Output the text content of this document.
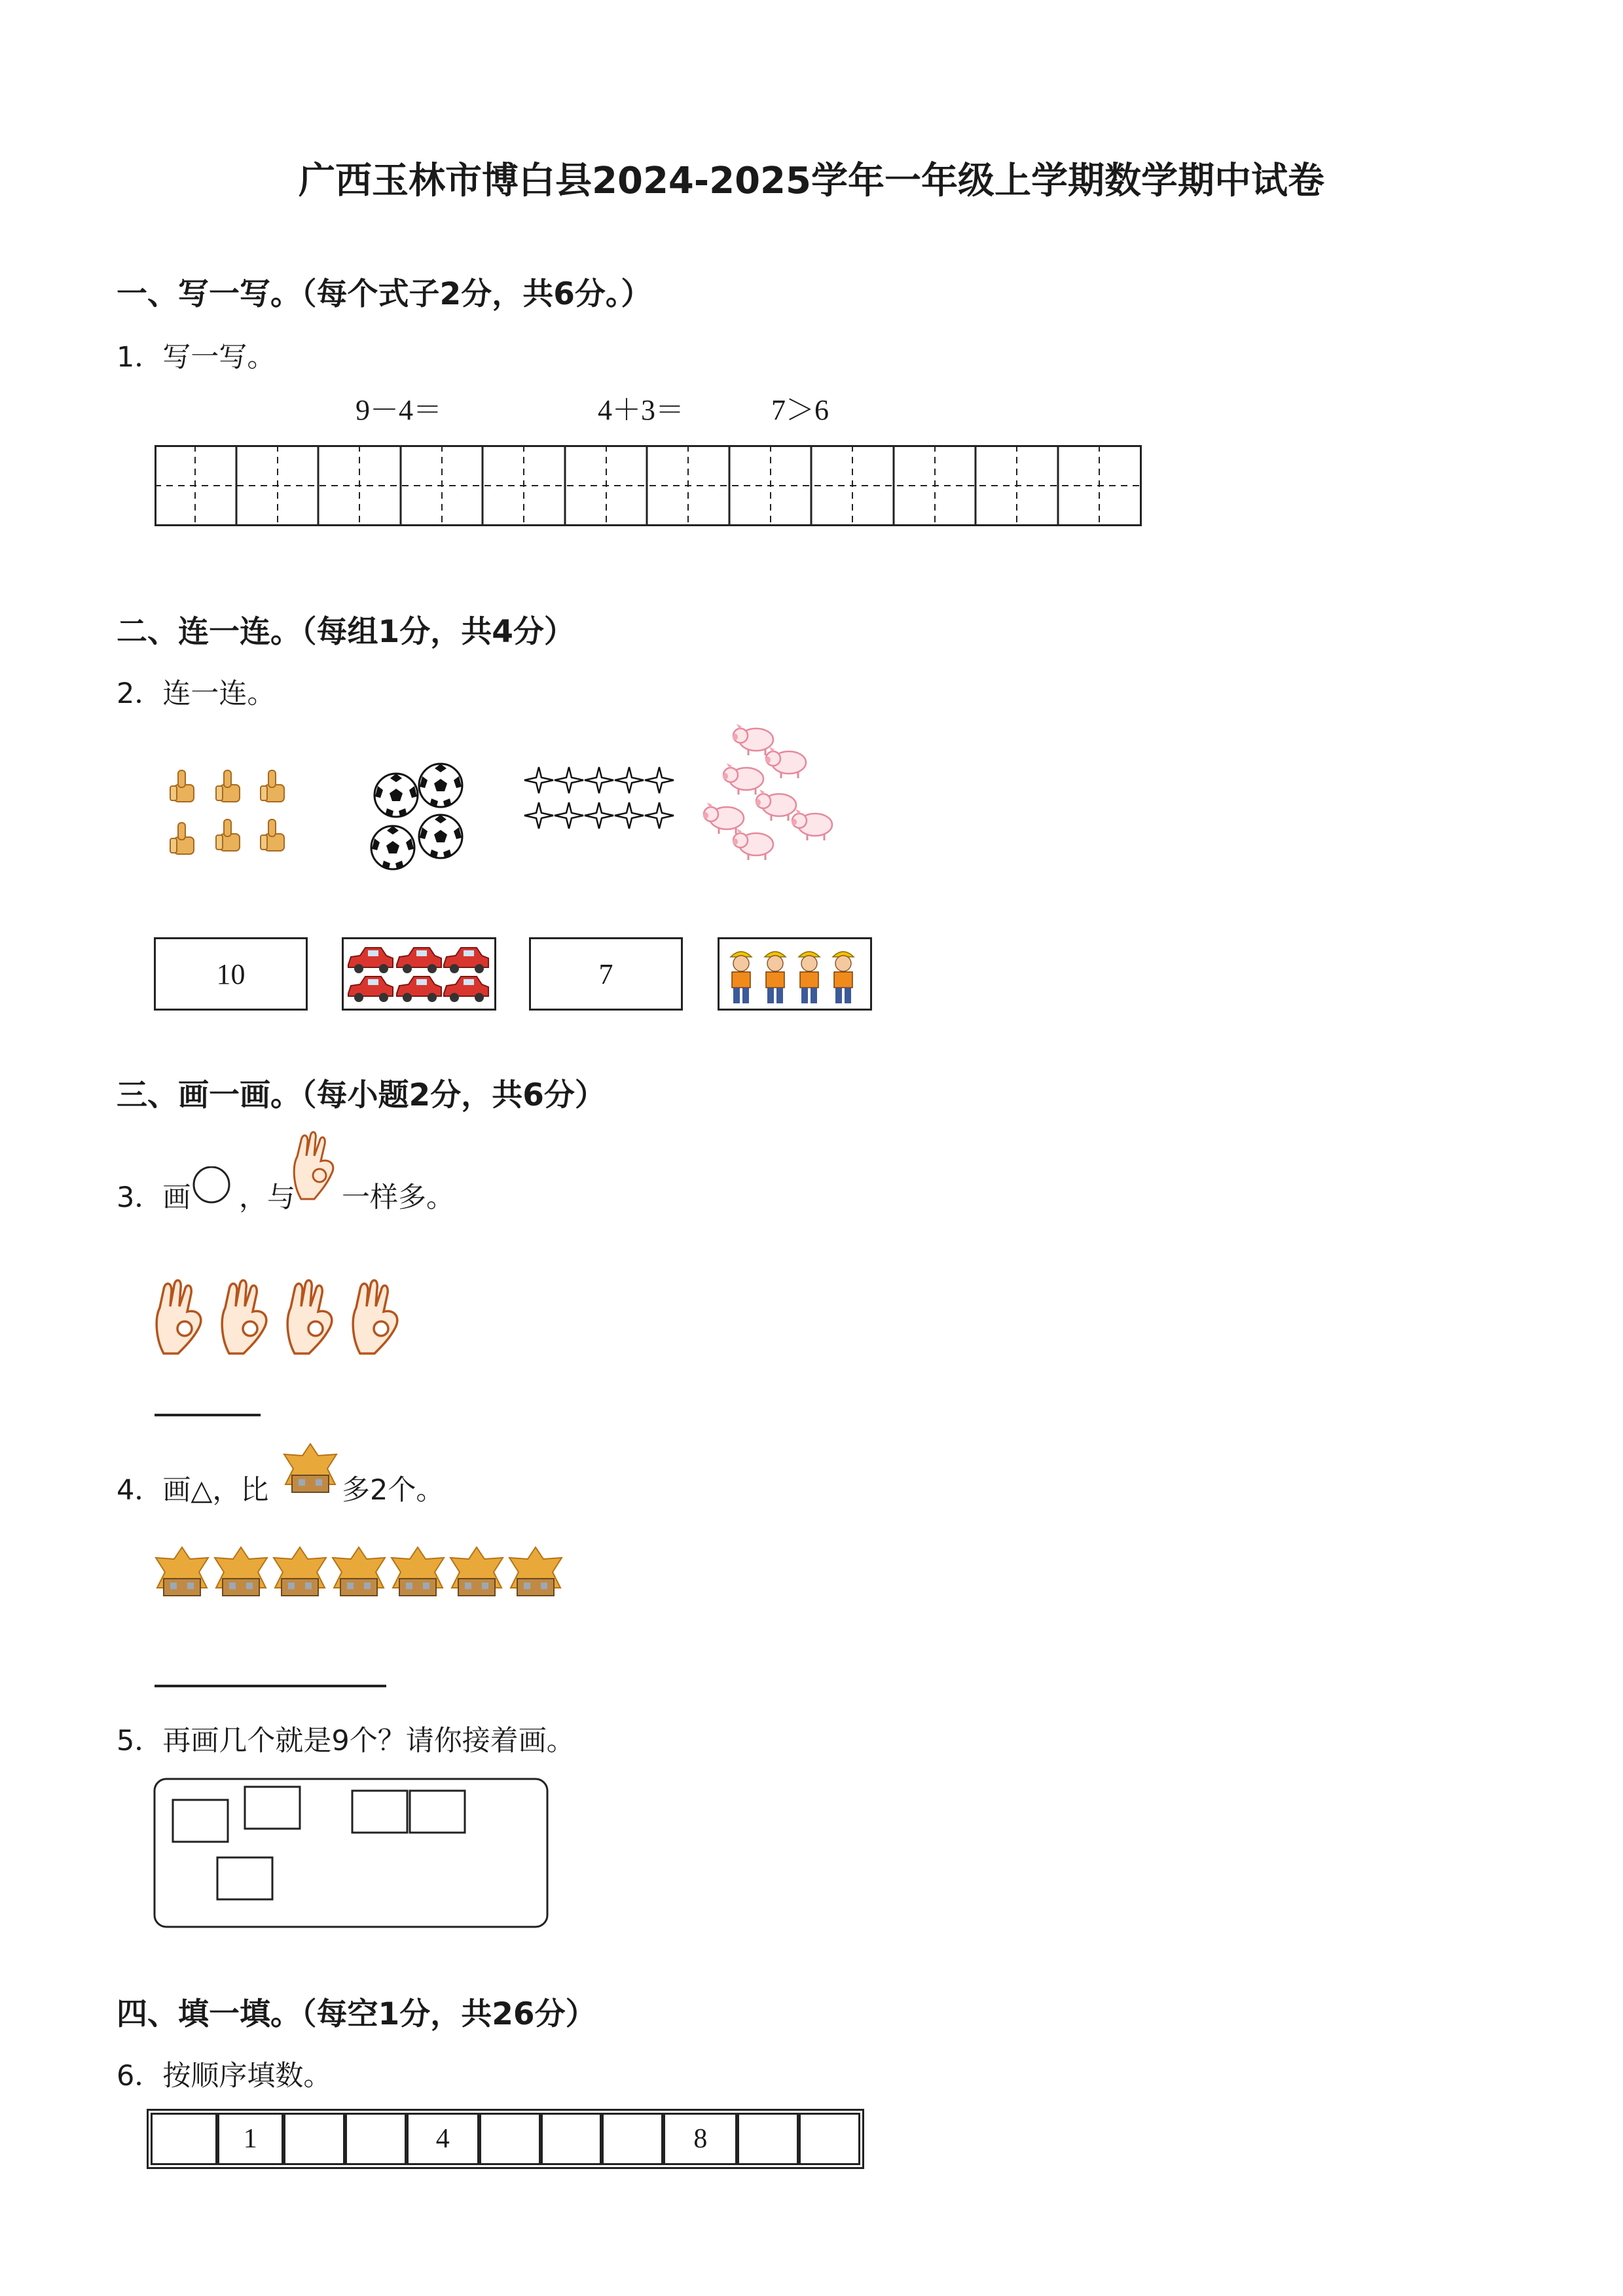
广西玉林市博白县2024-2025学年一年级上学期数学期中试卷
一、写一写。（每个式子2分，共6分。）
1．写一写。
9－4＝	4＋3＝	7＞6
二、连一连。（每组1分，共4分）
2．连一连。
10	7
三、画一画。（每小题2分，共6分）
3．画 ，与 一样多。
4．画△，比	多2个。
5．再画几个就是9个？请你接着画。
四、填一填。（每空1分，共26分）
6．按顺序填数。
1	4	8
